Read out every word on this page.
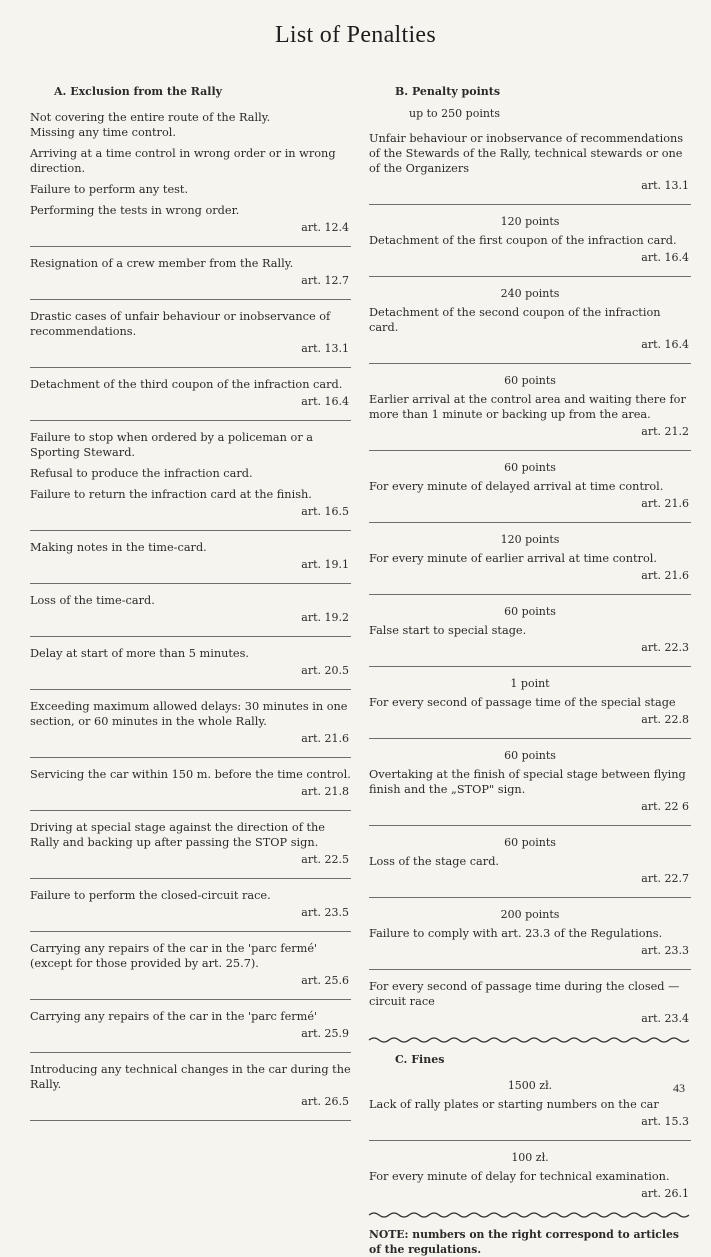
List of Penalties
A. Exclusion from the Rally

Not covering the entire route of the Rally.
Missing any time control.

Arriving at a time control in wrong order or in wrong direction.

Failure to perform any test.

Performing the tests in wrong order.

art. 12.4

Resignation of a crew member from the Rally.

art. 12.7

Drastic cases of unfair behaviour or inobservance of recommendations.

art. 13.1

Detachment of the third coupon of the infraction card.

art. 16.4

Failure to stop when ordered by a policeman or a Sporting Steward.

Refusal to produce the infraction card.

Failure to return the infraction card at the finish.

art. 16.5

Making notes in the time-card.

art. 19.1

Loss of the time-card.

art. 19.2

Delay at start of more than 5 minutes.

art. 20.5

Exceeding maximum allowed delays: 30 minutes in one section, or 60 minutes in the whole Rally.

art. 21.6

Servicing the car within 150 m. before the time control.

art. 21.8

Driving at special stage against the direction of the Rally and backing up after passing the STOP sign.

art. 22.5

Failure to perform the closed-circuit race.

art. 23.5

Carrying any repairs of the car in the 'parc fermé' (except for those provided by art. 25.7).

art. 25.6

Carrying any repairs of the car in the 'parc fermé'

art. 25.9

Introducing any technical changes in the car during the Rally.

art. 26.5
B. Penalty points
up to 250 points

Unfair behaviour or inobservance of recommendations of the Stewards of the Rally, technical stewards or one of the Organizers

art. 13.1
120 points

Detachment of the first coupon of the infraction card.

art. 16.4
240 points

Detachment of the second coupon of the infraction card.

art. 16.4
60 points

Earlier arrival at the control area and waiting there for more than 1 minute or backing up from the area.

art. 21.2
60 points

For every minute of delayed arrival at time control.

art. 21.6
120 points

For every minute of earlier arrival at time control.

art. 21.6
60 points

False start to special stage.

art. 22.3
1 point

For every second of passage time of the special stage

art. 22.8
60 points

Overtaking at the finish of special stage between flying finish and the „STOP" sign.

art. 22 6
60 points

Loss of the stage card.

art. 22.7
200 points

Failure to comply with art. 23.3 of the Regulations.

art. 23.3

For every second of passage time during the closed — circuit race

art. 23.4
C. Fines
1500 zł.

Lack of rally plates or starting numbers on the car

art. 15.3
100 zł.

For every minute of delay for technical examination.

art. 26.1
NOTE: numbers on the right correspond to articles of the regulations.
43
